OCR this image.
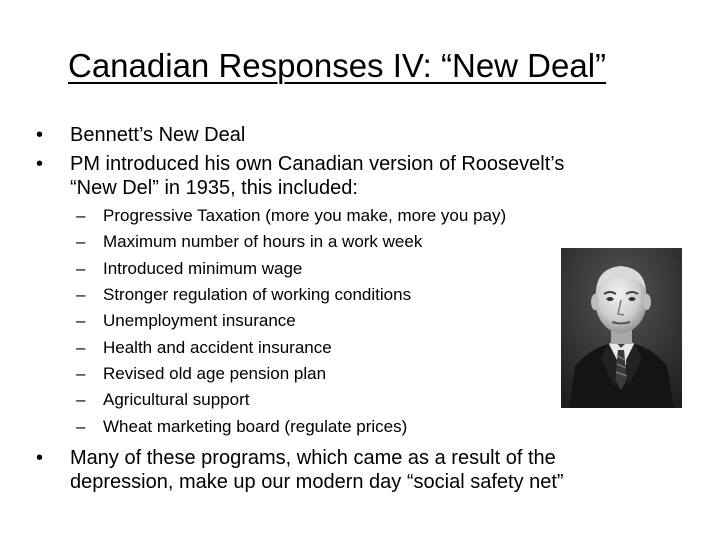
Canadian Responses IV: “New Deal”
•	Bennett’s New Deal
•	PM introduced his own Canadian version of Roosevelt’s
“New Del” in 1935, this included:
–	Progressive Taxation (more you make, more you pay)
–	Maximum number of hours in a work week
–	Introduced minimum wage
–	Stronger regulation of working conditions
–	Unemployment insurance
–	Health and accident insurance
–	Revised old age pension plan
–	Agricultural support
–	Wheat marketing board (regulate prices)
•	Many of these programs, which came as a result of the
depression, make up our modern day “social safety net”
